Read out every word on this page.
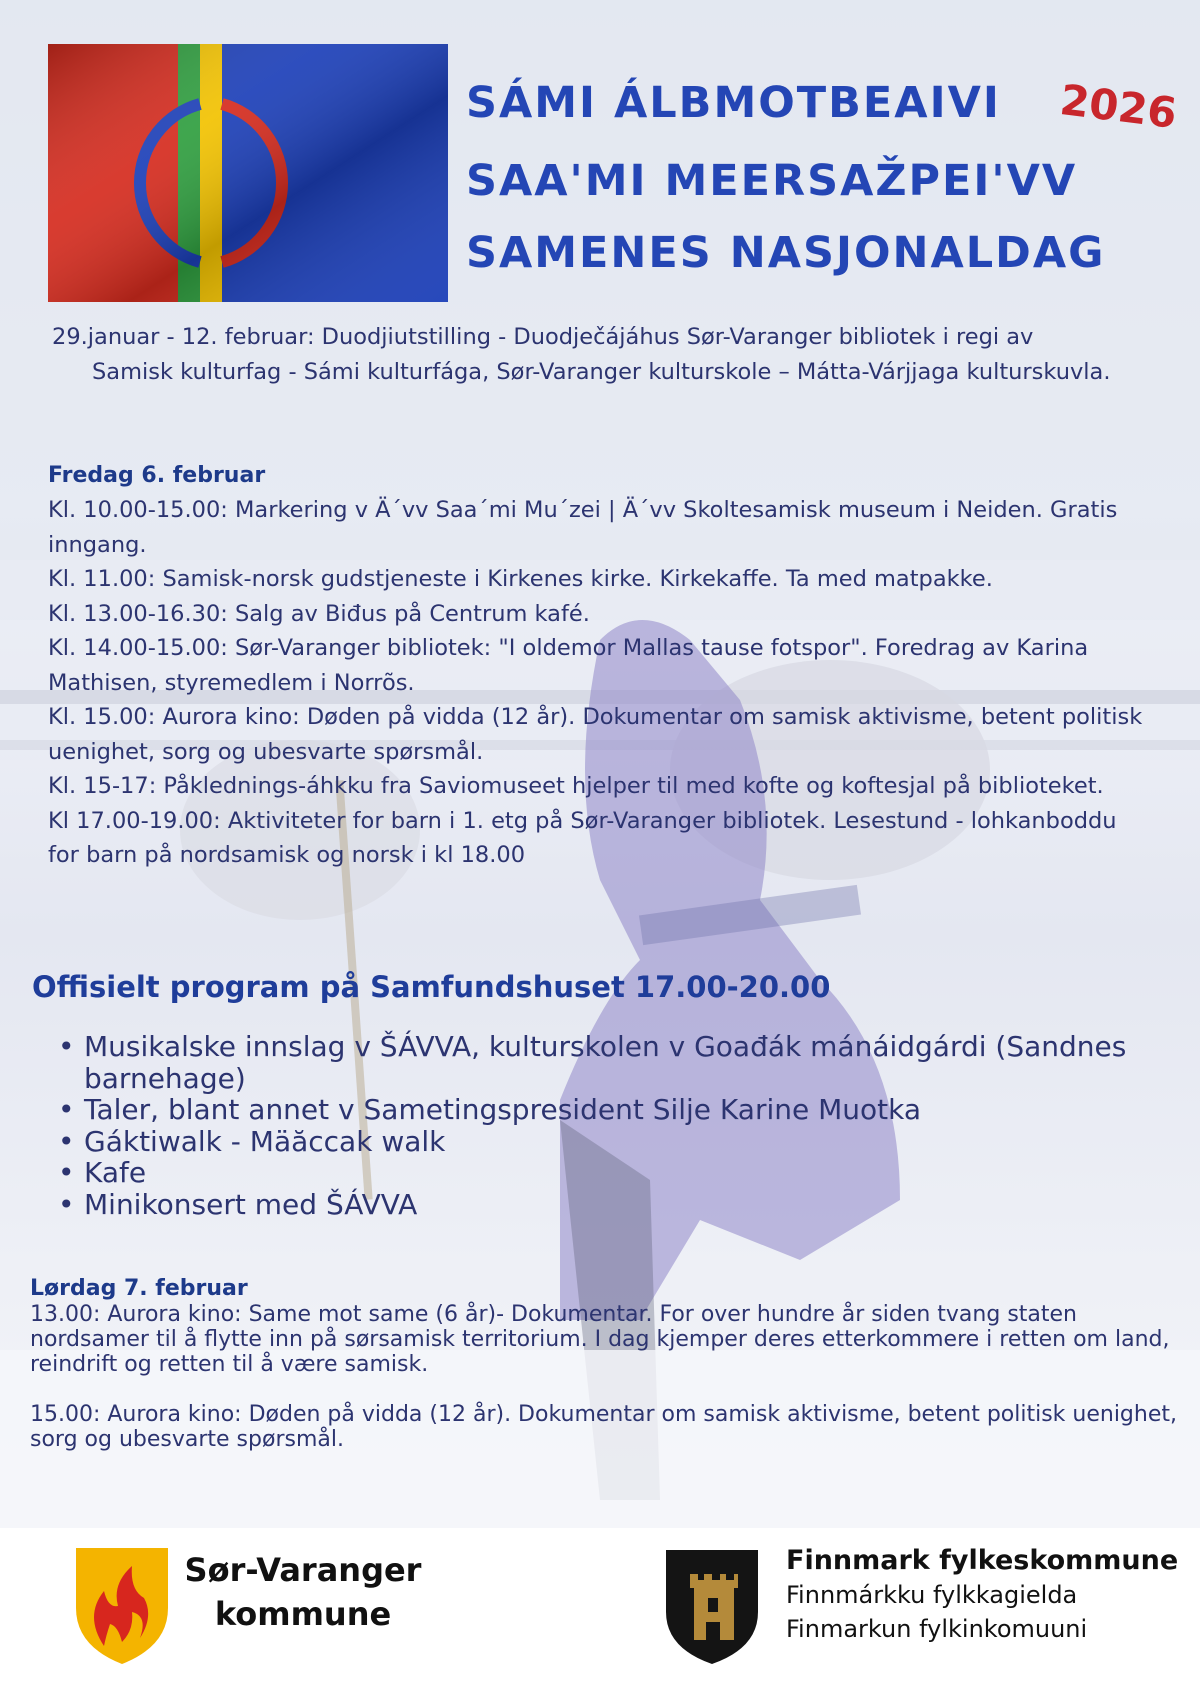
SÁMI ÁLBMOTBEAIVI 2026
SAA'MI MEERSAŽPEI'VV
SAMENES NASJONALDAG
29.januar - 12. februar: Duodjiutstilling - Duodječájáhus Sør-Varanger bibliotek i regi av
Samisk kulturfag - Sámi kulturfága, Sør-Varanger kulturskole – Mátta-Várjjaga kulturskuvla.
Fredag 6. februar
Kl. 10.00-15.00: Markering v Ä´vv Saa´mi Mu´zei | Ä´vv Skoltesamisk museum i Neiden. Gratis inngang.
Kl. 11.00: Samisk-norsk gudstjeneste i Kirkenes kirke. Kirkekaffe. Ta med matpakke.
Kl. 13.00-16.30: Salg av Biđus på Centrum kafé.
Kl. 14.00-15.00: Sør-Varanger bibliotek: "I oldemor Mallas tause fotspor". Foredrag av Karina Mathisen, styremedlem i Norrõs.
Kl. 15.00: Aurora kino: Døden på vidda (12 år). Dokumentar om samisk aktivisme, betent politisk uenighet, sorg og ubesvarte spørsmål.
Kl. 15-17: Påklednings-áhkku fra Saviomuseet hjelper til med kofte og koftesjal på biblioteket.
Kl 17.00-19.00: Aktiviteter for barn i 1. etg på Sør-Varanger bibliotek. Lesestund - lohkanboddu for barn på nordsamisk og norsk i kl 18.00
Offisielt program på Samfundshuset 17.00-20.00
• Musikalske innslag v ŠÁVVA, kulturskolen v Goađák mánáidgárdi (Sandnes barnehage)
• Taler, blant annet v Sametingspresident Silje Karine Muotka
• Gáktiwalk - Mäăccak walk
• Kafe
• Minikonsert med ŠÁVVA
Lørdag 7. februar

13.00: Aurora kino: Same mot same (6 år)- Dokumentar. For over hundre år siden tvang staten nordsamer til å flytte inn på sørsamisk territorium. I dag kjemper deres etterkommere i retten om land, reindrift og retten til å være samisk.

15.00: Aurora kino: Døden på vidda (12 år). Dokumentar om samisk aktivisme, betent politisk uenighet, sorg og ubesvarte spørsmål.

Sør-Varanger
kommune
Finnmark fylkeskommune
Finnmárkku fylkkagielda
Finmarkun fylkinkomuuni
